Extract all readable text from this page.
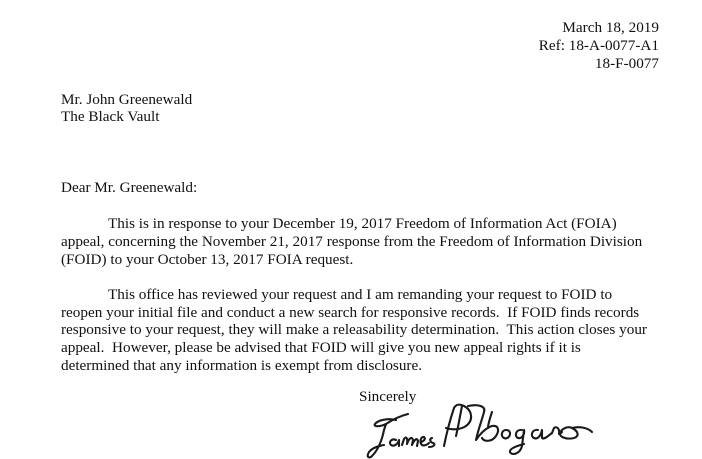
March 18, 2019
Ref: 18-A-0077-A1
18-F-0077
Mr. John Greenewald
The Black Vault
Dear Mr. Greenewald:
This is in response to your December 19, 2017 Freedom of Information Act (FOIA)
appeal, concerning the November 21, 2017 response from the Freedom of Information Division
(FOID) to your October 13, 2017 FOIA request.
This office has reviewed your request and I am remanding your request to FOID to
reopen your initial file and conduct a new search for responsive records.  If FOID finds records
responsive to your request, they will make a releasability determination.  This action closes your
appeal.  However, please be advised that FOID will give you new appeal rights if it is
determined that any information is exempt from disclosure.
Sincerely
